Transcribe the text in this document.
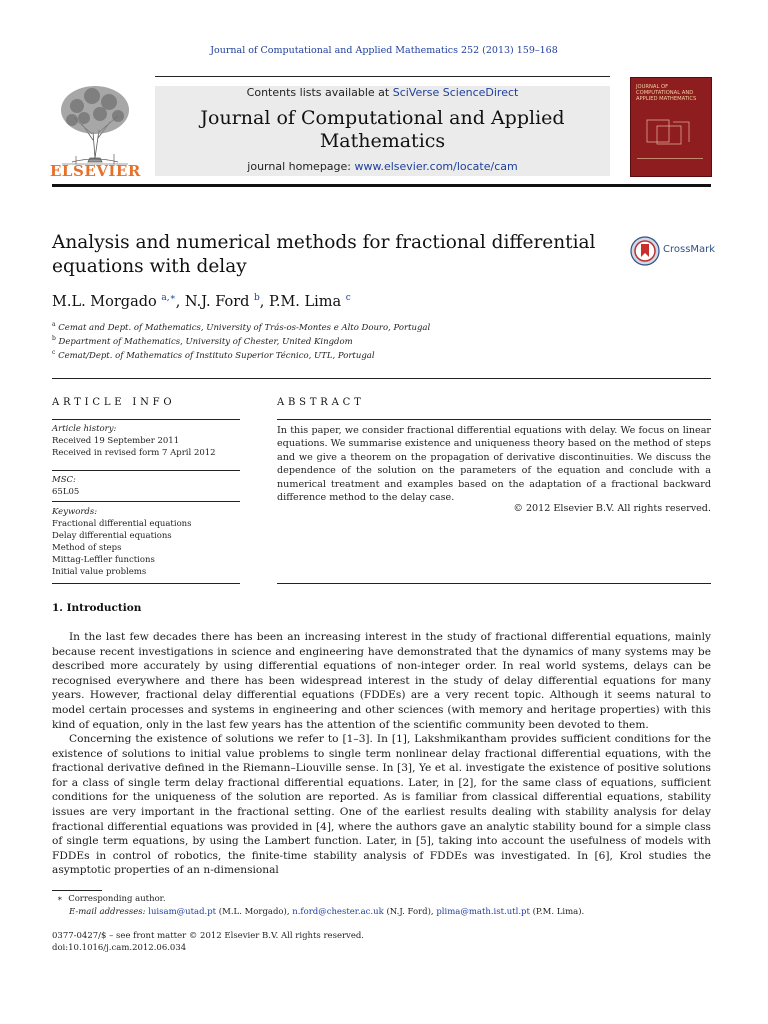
Journal of Computational and Applied Mathematics 252 (2013) 159–168
Contents lists available at SciVerse ScienceDirect
Journal of Computational and Applied
Mathematics
journal homepage: www.elsevier.com/locate/cam
ELSEVIER
JOURNAL OF COMPUTATIONAL AND APPLIED MATHEMATICS
Analysis and numerical methods for fractional differential
equations with delay
CrossMark
M.L. Morgado $^{a,∗}$, N.J. Ford $^b$, P.M. Lima $^c$
$^a$ Cemat and Dept. of Mathematics, University of Trás-os-Montes e Alto Douro, Portugal
$^b$ Department of Mathematics, University of Chester, United Kingdom
$^c$ Cemat/Dept. of Mathematics of Instituto Superior Técnico, UTL, Portugal
ARTICLE INFO
Article history:
Received 19 September 2011
Received in revised form 7 April 2012
MSC:
65L05
Keywords:
Fractional differential equations
Delay differential equations
Method of steps
Mittag-Leffler functions
Initial value problems
ABSTRACT
In this paper, we consider fractional differential equations with delay. We focus on linear equations. We summarise existence and uniqueness theory based on the method of steps and we give a theorem on the propagation of derivative discontinuities. We discuss the dependence of the solution on the parameters of the equation and conclude with a numerical treatment and examples based on the adaptation of a fractional backward difference method to the delay case.
© 2012 Elsevier B.V. All rights reserved.
1. Introduction
In the last few decades there has been an increasing interest in the study of fractional differential equations, mainly because recent investigations in science and engineering have demonstrated that the dynamics of many systems may be described more accurately by using differential equations of non-integer order. In real world systems, delays can be recognised everywhere and there has been widespread interest in the study of delay differential equations for many years. However, fractional delay differential equations (FDDEs) are a very recent topic. Although it seems natural to model certain processes and systems in engineering and other sciences (with memory and heritage properties) with this kind of equation, only in the last few years has the attention of the scientific community been devoted to them.
Concerning the existence of solutions we refer to [1–3]. In [1], Lakshmikantham provides sufficient conditions for the existence of solutions to initial value problems to single term nonlinear delay fractional differential equations, with the fractional derivative defined in the Riemann–Liouville sense. In [3], Ye et al. investigate the existence of positive solutions for a class of single term delay fractional differential equations. Later, in [2], for the same class of equations, sufficient conditions for the uniqueness of the solution are reported. As is familiar from classical differential equations, stability issues are very important in the fractional setting. One of the earliest results dealing with stability analysis for delay fractional differential equations was provided in [4], where the authors gave an analytic stability bound for a simple class of single term equations, by using the Lambert function. Later, in [5], taking into account the usefulness of models with FDDEs in control of robotics, the finite-time stability analysis of FDDEs was investigated. In [6], Krol studies the asymptotic properties of an n-dimensional
∗ Corresponding author.
E-mail addresses: luisam@utad.pt (M.L. Morgado), n.ford@chester.ac.uk (N.J. Ford), plima@math.ist.utl.pt (P.M. Lima).
0377-0427/$ – see front matter © 2012 Elsevier B.V. All rights reserved.
doi:10.1016/j.cam.2012.06.034
